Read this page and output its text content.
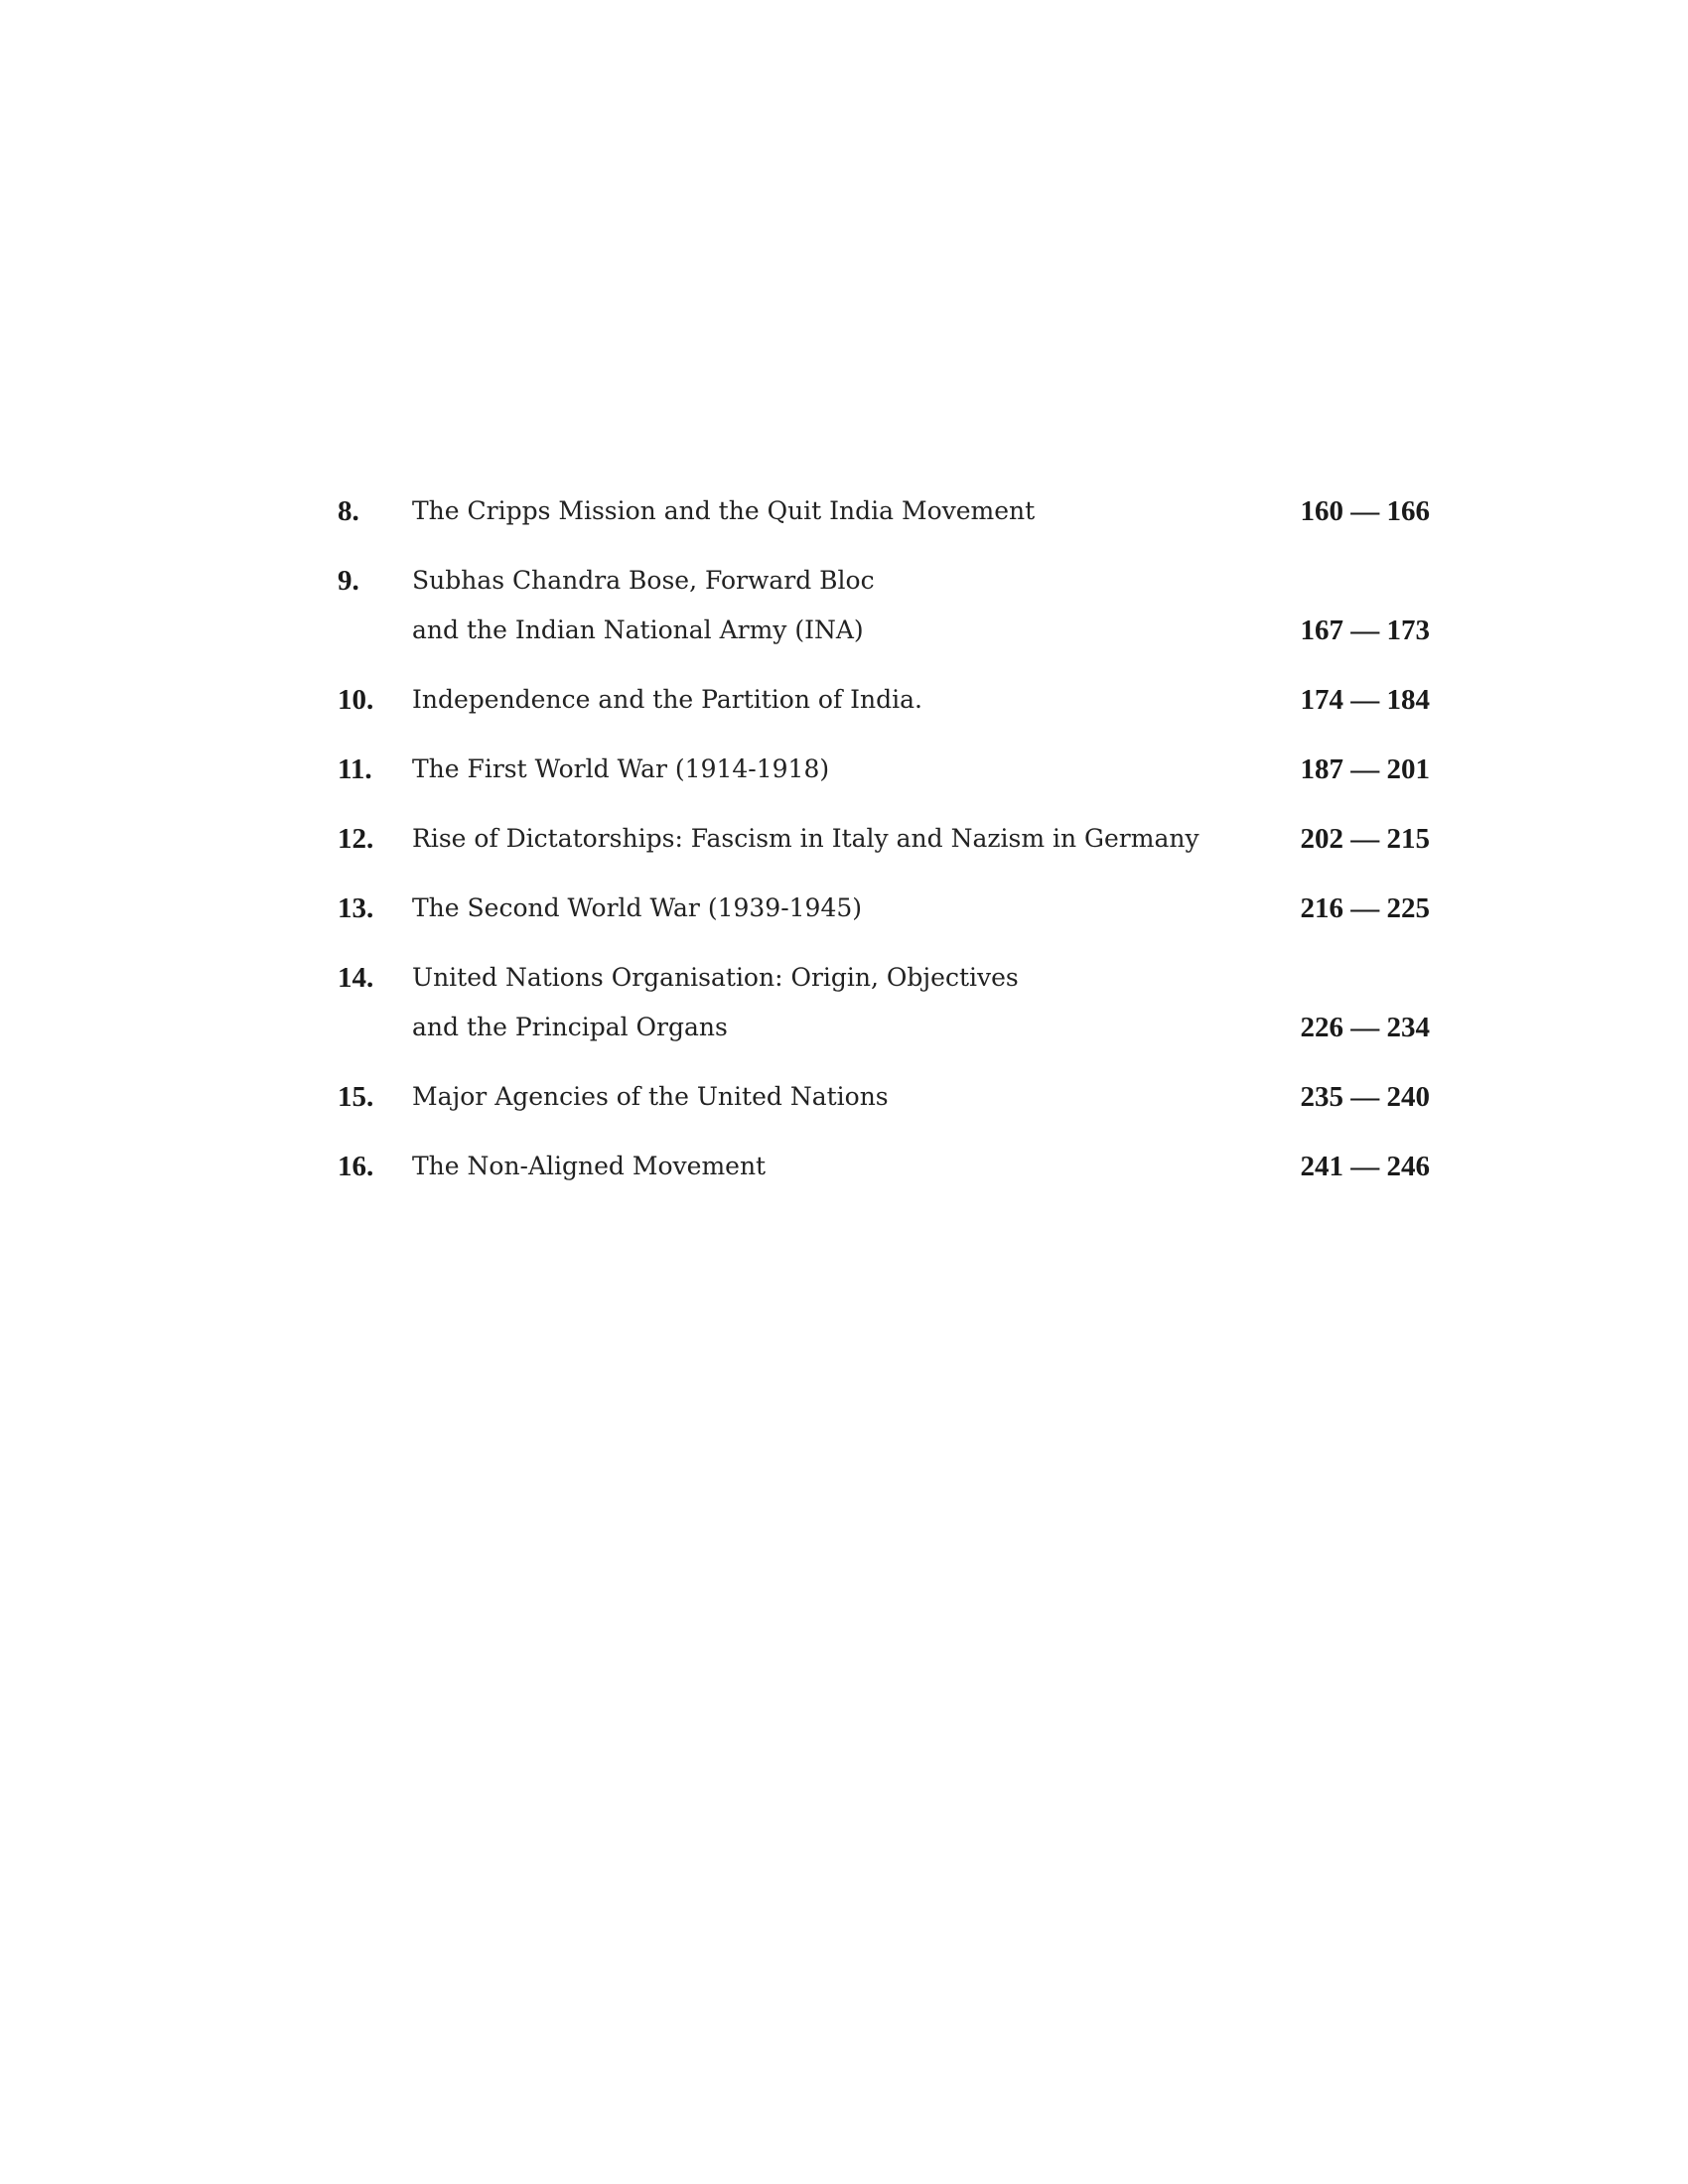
8.	The Cripps Mission and the Quit India Movement	160 — 166
9.	Subhas Chandra Bose, Forward Bloc
and the Indian National Army (INA)	167 — 173
10.	Independence and the Partition of India.	174 — 184
11.	The First World War (1914-1918)	187 — 201
12.	Rise of Dictatorships: Fascism in Italy and Nazism in Germany	202 — 215
13.	The Second World War (1939-1945)	216 — 225
14.	United Nations Organisation: Origin, Objectives
and the Principal Organs	226 — 234
15.	Major Agencies of the United Nations	235 — 240
16.	The Non-Aligned Movement	241 — 246
